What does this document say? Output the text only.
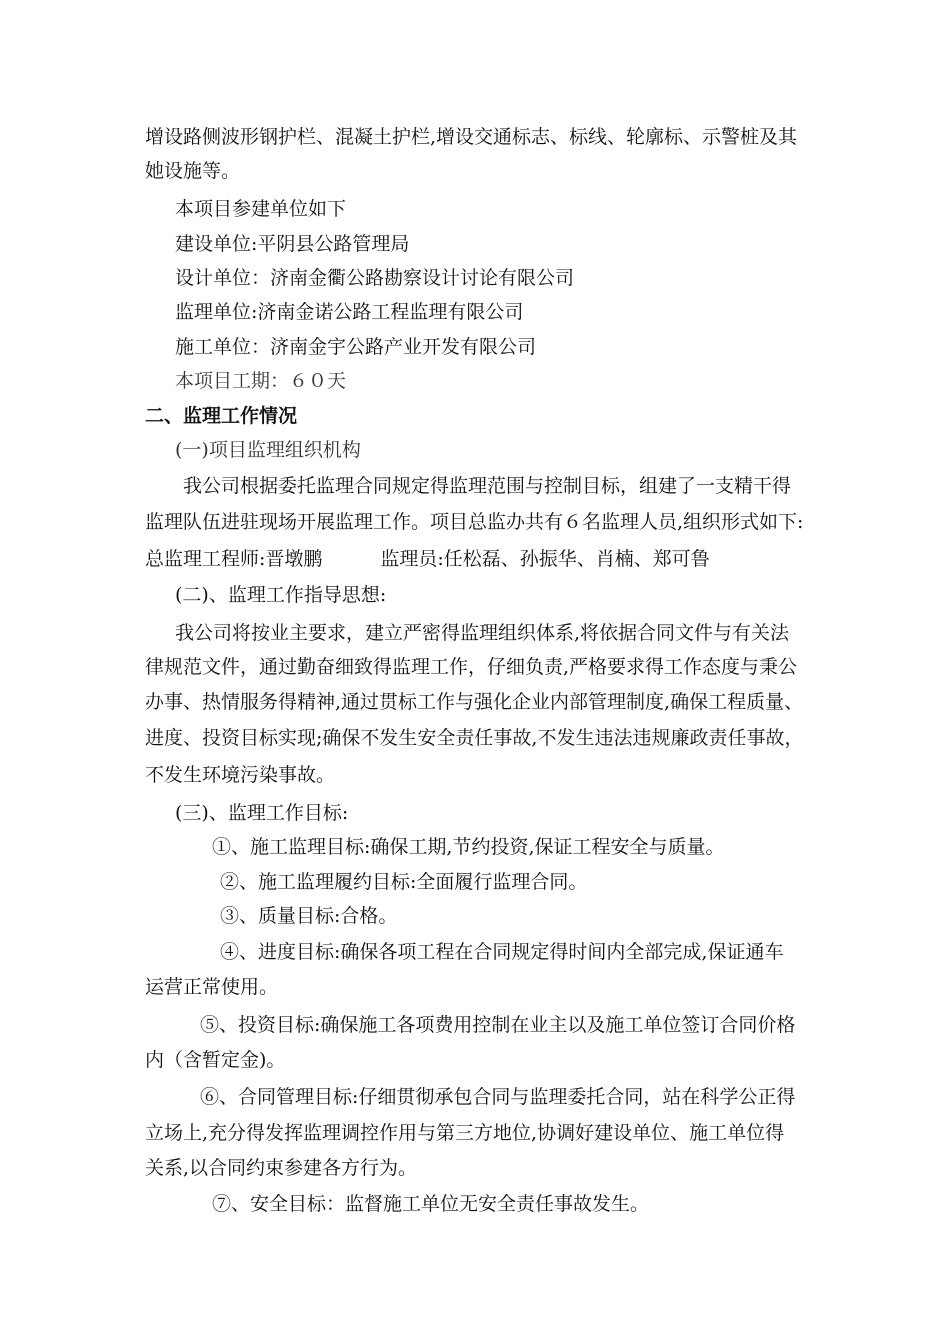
增设路侧波形钢护栏、混凝土护栏,增设交通标志、标线、轮廓标、示警桩及其
她设施等。
本项目参建单位如下
建设单位:平阴县公路管理局
设计单位：济南金衢公路勘察设计讨论有限公司
监理单位:济南金诺公路工程监理有限公司
施工单位：济南金宇公路产业开发有限公司
本项目工期：６０天
二、监理工作情况
(一)项目监理组织机构
我公司根据委托监理合同规定得监理范围与控制目标，组建了一支精干得
监理队伍进驻现场开展监理工作。项目总监办共有６名监理人员,组织形式如下:
总监理工程师:晋墩鹏	监理员:任松磊、孙振华、肖楠、郑可鲁
(二)、监理工作指导思想:
我公司将按业主要求，建立严密得监理组织体系,将依据合同文件与有关法
律规范文件，通过勤奋细致得监理工作，仔细负责,严格要求得工作态度与秉公
办事、热情服务得精神,通过贯标工作与强化企业内部管理制度,确保工程质量、
进度、投资目标实现;确保不发生安全责任事故,不发生违法违规廉政责任事故，
不发生环境污染事故。
(三)、监理工作目标:
①、施工监理目标:确保工期,节约投资,保证工程安全与质量。
②、施工监理履约目标:全面履行监理合同。
③、质量目标:合格。
④、进度目标:确保各项工程在合同规定得时间内全部完成,保证通车
运营正常使用。
⑤、投资目标:确保施工各项费用控制在业主以及施工单位签订合同价格
内（含暂定金)。
⑥、合同管理目标:仔细贯彻承包合同与监理委托合同，站在科学公正得
立场上,充分得发挥监理调控作用与第三方地位,协调好建设单位、施工单位得
关系,以合同约束参建各方行为。
⑦、安全目标：监督施工单位无安全责任事故发生。
